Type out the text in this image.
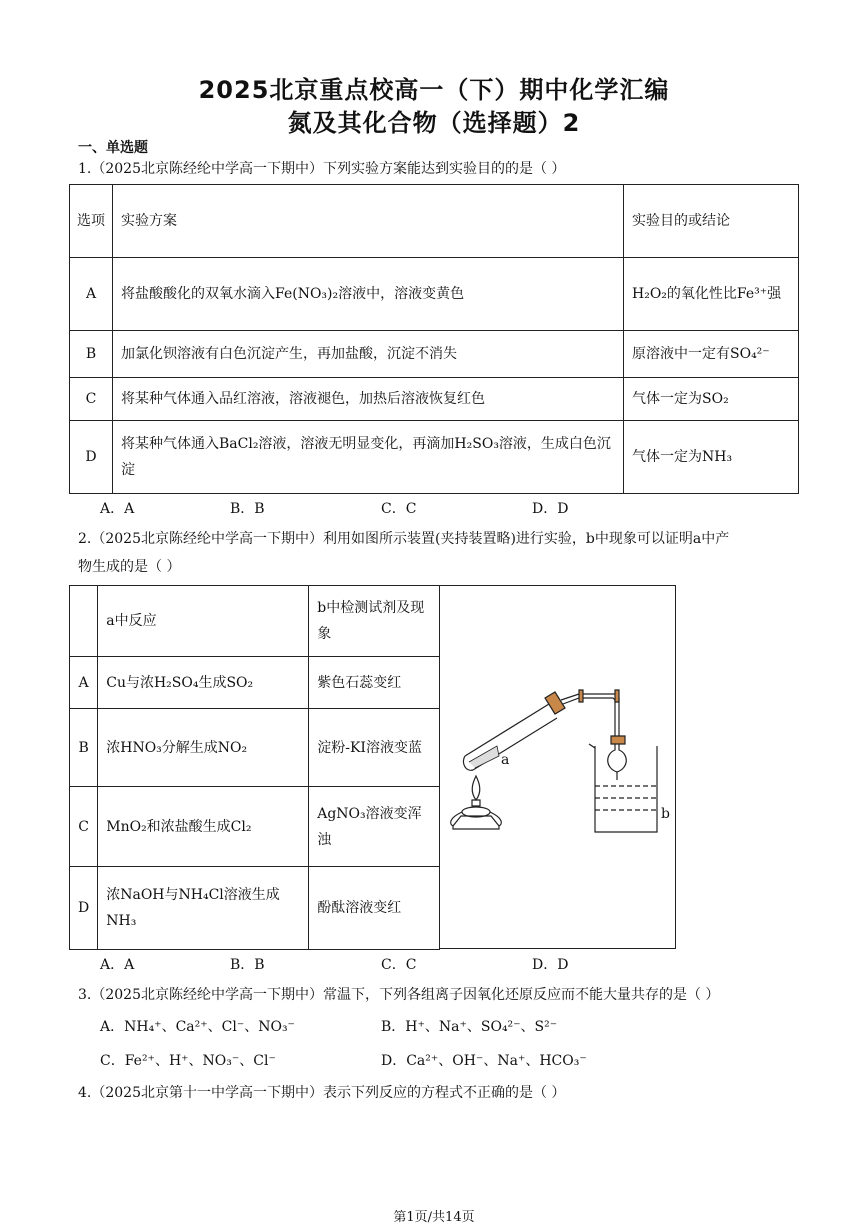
2025北京重点校高一（下）期中化学汇编
氮及其化合物（选择题）2
一、单选题
1.（2025北京陈经纶中学高一下期中）下列实验方案能达到实验目的的是（ ）
选项	实验方案	实验目的或结论
A	将盐酸酸化的双氧水滴入Fe(NO₃)₂溶液中，溶液变黄色	H₂O₂的氧化性比Fe³⁺强
B	加氯化钡溶液有白色沉淀产生，再加盐酸，沉淀不消失	原溶液中一定有SO₄²⁻
C	将某种气体通入品红溶液，溶液褪色，加热后溶液恢复红色	气体一定为SO₂
D	将某种气体通入BaCl₂溶液，溶液无明显变化，再滴加H₂SO₃溶液，生成白色沉淀	气体一定为NH₃
A．A	B．B	C．C	D．D
2.（2025北京陈经纶中学高一下期中）利用如图所示装置(夹持装置略)进行实验，b中现象可以证明a中产
物生成的是（ ）
	a中反应	b中检测试剂及现象
A	Cu与浓H₂SO₄生成SO₂	紫色石蕊变红
B	浓HNO₃分解生成NO₂	淀粉-KI溶液变蓝
C	MnO₂和浓盐酸生成Cl₂	AgNO₃溶液变浑浊
D	浓NaOH与NH₄Cl溶液生成NH₃	酚酞溶液变红
a
b
A．A	B．B	C．C	D．D
3.（2025北京陈经纶中学高一下期中）常温下，下列各组离子因氧化还原反应而不能大量共存的是（ ）
A．NH₄⁺、Ca²⁺、Cl⁻、NO₃⁻	B．H⁺、Na⁺、SO₄²⁻、S²⁻
C．Fe²⁺、H⁺、NO₃⁻、Cl⁻	D．Ca²⁺、OH⁻、Na⁺、HCO₃⁻
4.（2025北京第十一中学高一下期中）表示下列反应的方程式不正确的是（ ）
第1页/共14页
